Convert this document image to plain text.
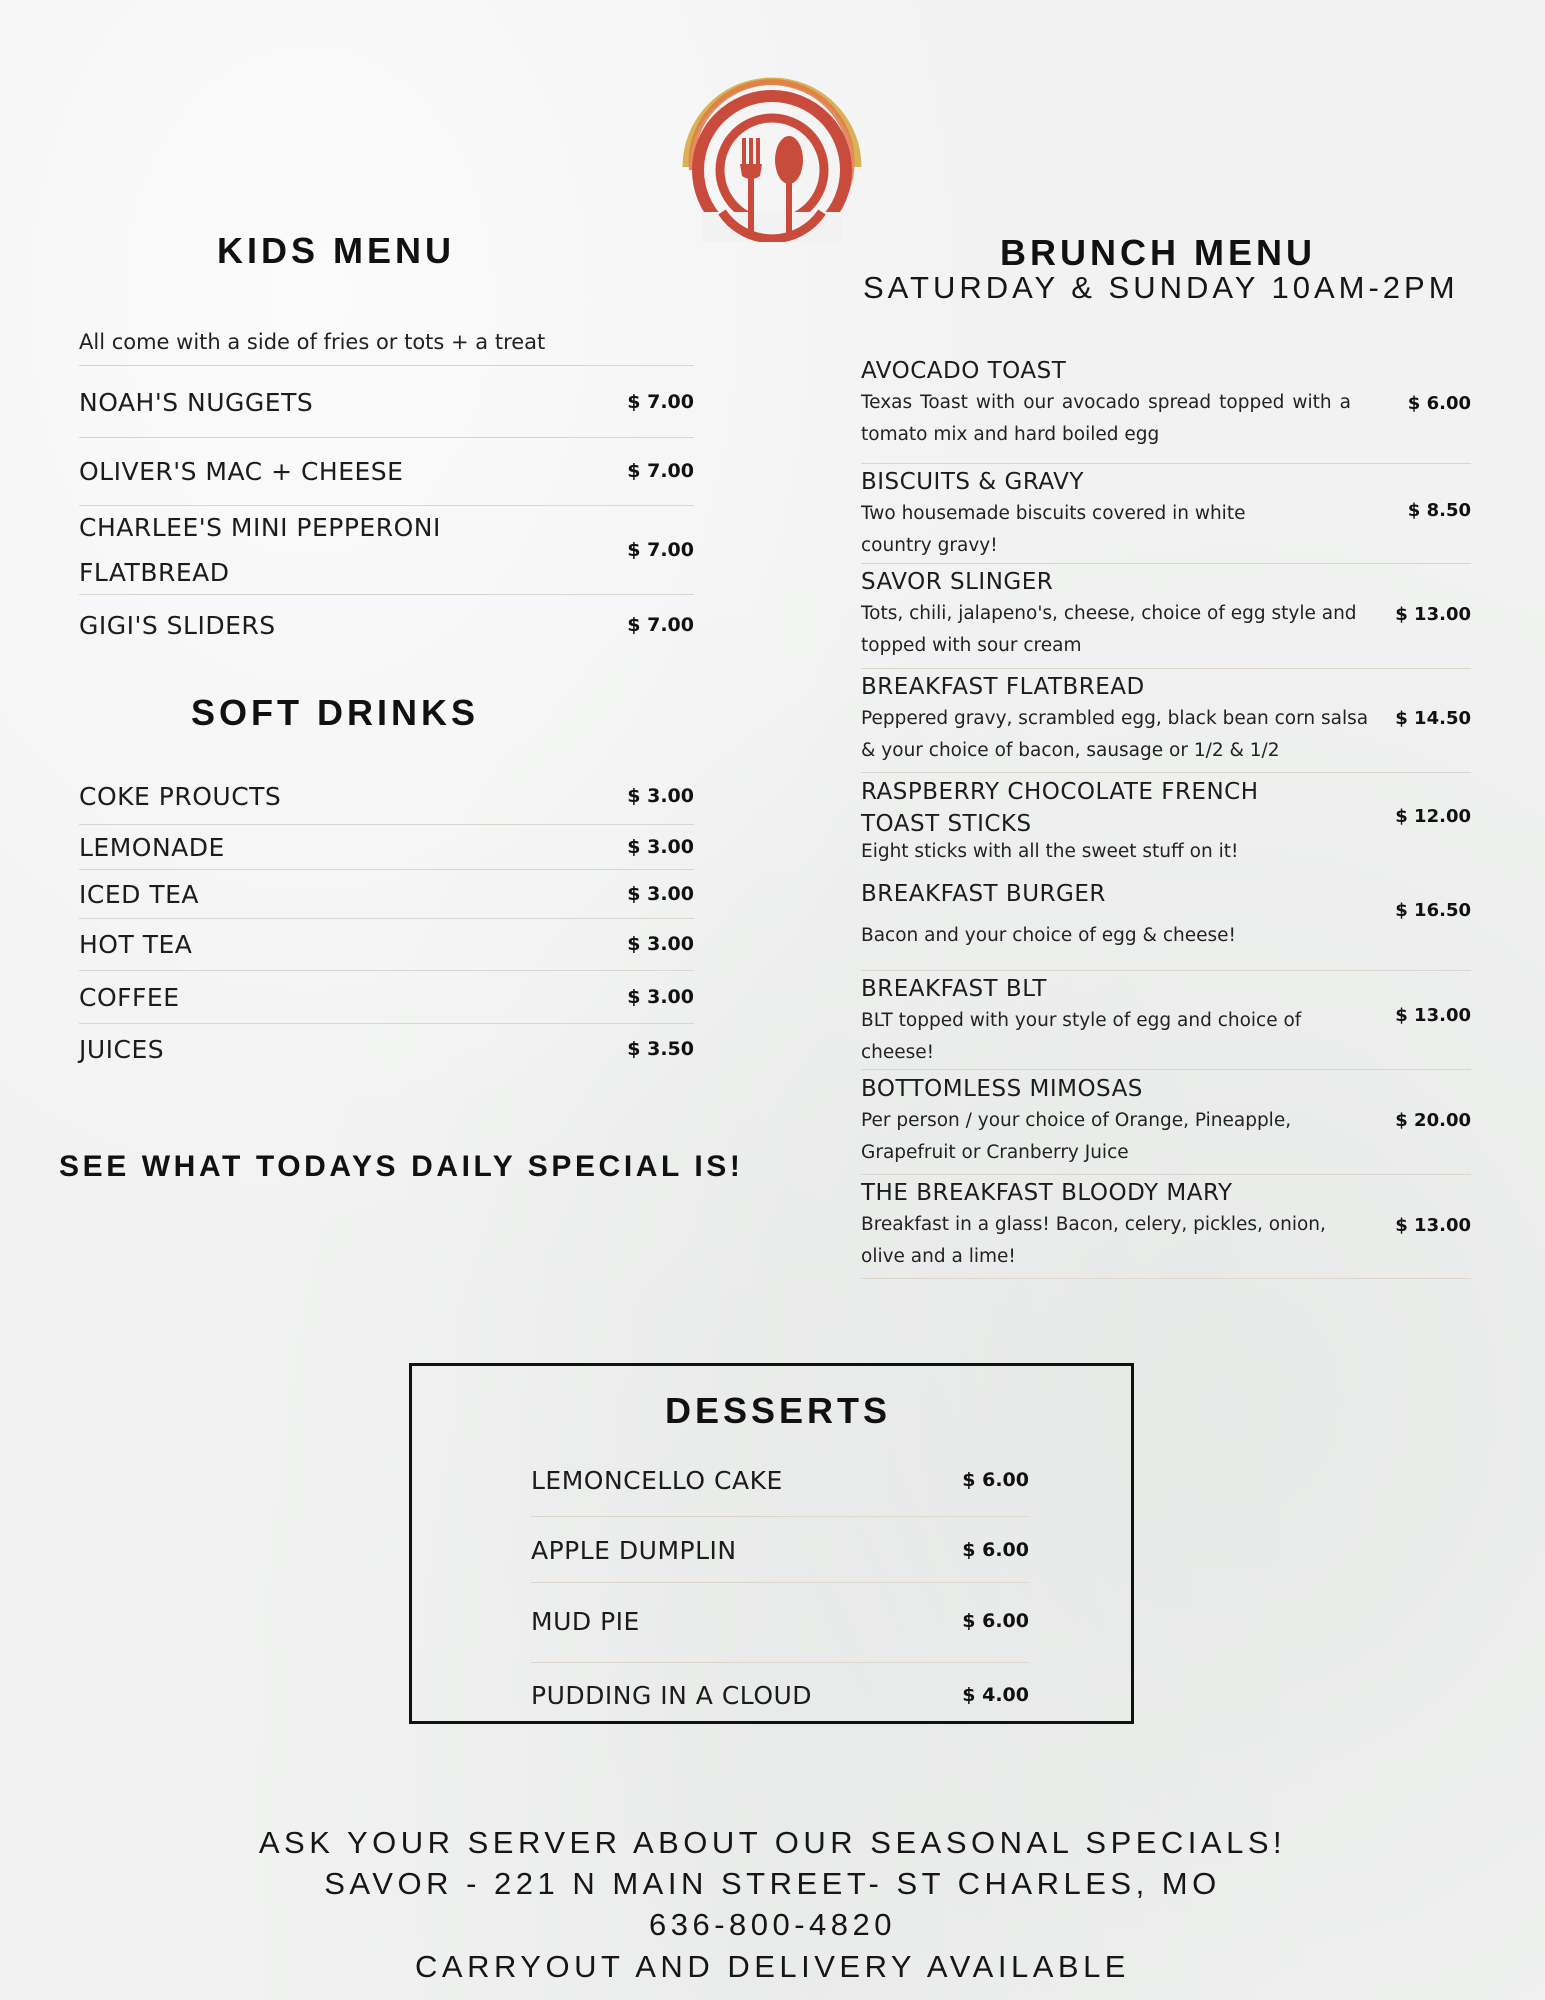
KIDS MENU
All come with a side of fries or tots + a treat
NOAH'S NUGGETS	$ 7.00
OLIVER'S MAC + CHEESE	$ 7.00
CHARLEE'S MINI PEPPERONI
FLATBREAD
$ 7.00
GIGI'S SLIDERS	$ 7.00
SOFT DRINKS
COKE PROUCTS	$ 3.00
LEMONADE	$ 3.00
ICED TEA	$ 3.00
HOT TEA	$ 3.00
COFFEE	$ 3.00
JUICES	$ 3.50
SEE WHAT TODAYS DAILY SPECIAL IS!
BRUNCH MENU
SATURDAY & SUNDAY 10AM-2PM
AVOCADO TOAST
Texas Toast with our avocado spread topped with a tomato mix and hard boiled egg
$ 6.00
BISCUITS & GRAVY
Two housemade biscuits covered in white country gravy!
$ 8.50
SAVOR SLINGER
Tots, chili, jalapeno's, cheese, choice of egg style and topped with sour cream
$ 13.00
BREAKFAST FLATBREAD
Peppered gravy, scrambled egg, black bean corn salsa & your choice of bacon, sausage or 1/2 & 1/2
$ 14.50
RASPBERRY CHOCOLATE FRENCH TOAST STICKS
Eight sticks with all the sweet stuff on it!
$ 12.00
BREAKFAST BURGER
Bacon and your choice of egg & cheese!
$ 16.50
BREAKFAST BLT
BLT topped with your style of egg and choice of cheese!
$ 13.00
BOTTOMLESS MIMOSAS
Per person / your choice of Orange, Pineapple, Grapefruit or Cranberry Juice
$ 20.00
THE BREAKFAST BLOODY MARY
Breakfast in a glass! Bacon, celery, pickles, onion, olive and a lime!
$ 13.00
DESSERTS
LEMONCELLO CAKE	$ 6.00
APPLE DUMPLIN	$ 6.00
MUD PIE	$ 6.00
PUDDING IN A CLOUD	$ 4.00
ASK YOUR SERVER ABOUT OUR SEASONAL SPECIALS!
SAVOR - 221 N MAIN STREET- ST CHARLES, MO
636-800-4820
CARRYOUT AND DELIVERY AVAILABLE
